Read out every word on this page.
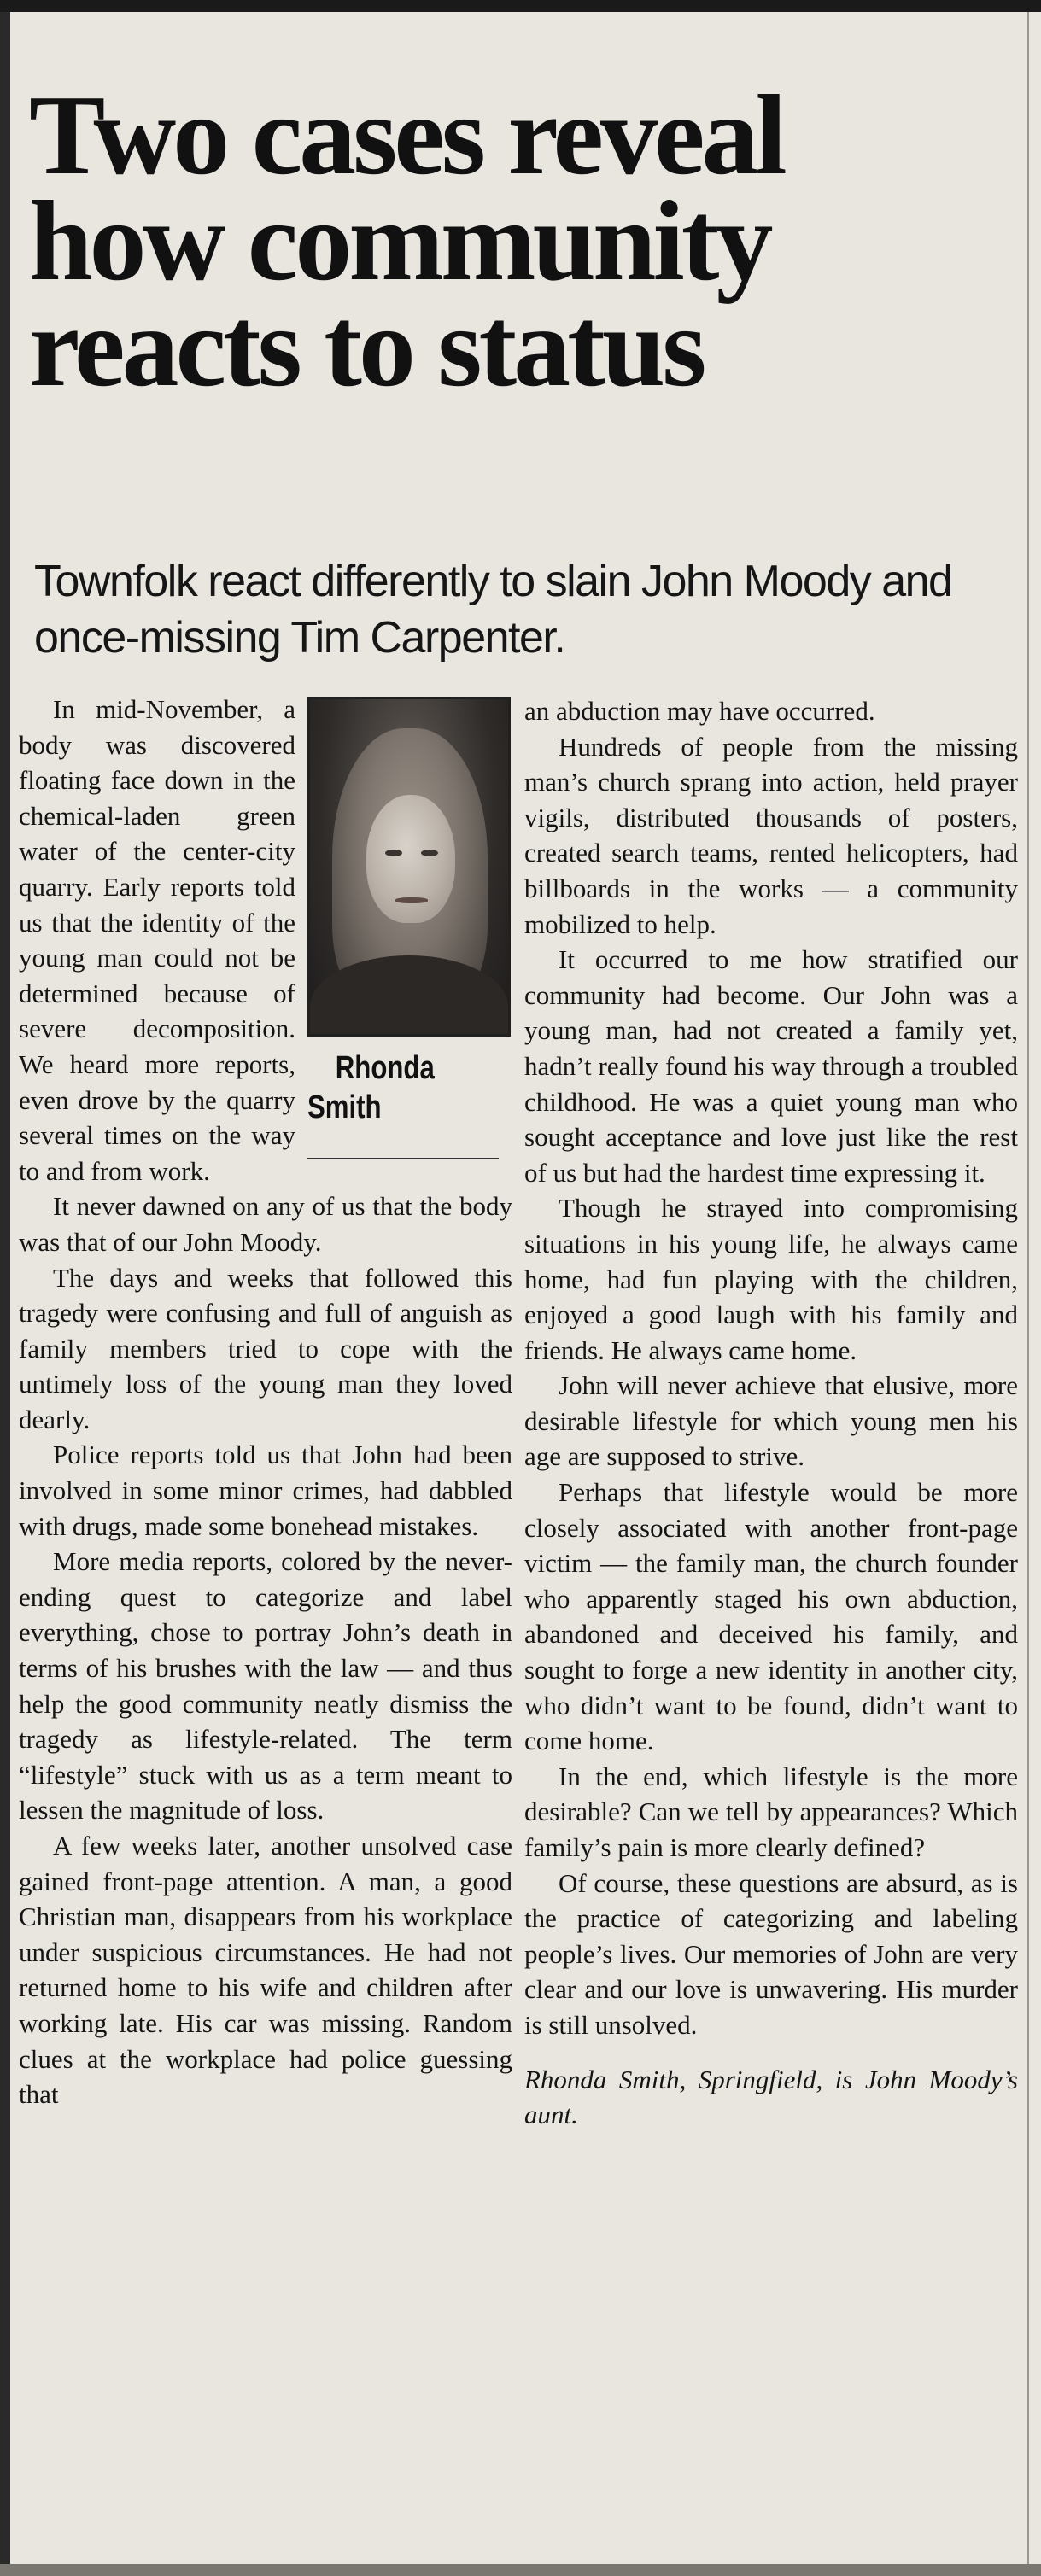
Two cases reveal
how community
reacts to status
Townfolk react differently to slain John Moody and once-missing Tim Carpenter.

Rhonda
Smith
In mid-November, a body was discovered floating face down in the chemical-laden green water of the center-city quarry. Early reports told us that the identity of the young man could not be determined because of severe decomposition. We heard more reports, even drove by the quarry several times on the way to and from work.

It never dawned on any of us that the body was that of our John Moody.

The days and weeks that followed this tragedy were confusing and full of anguish as family members tried to cope with the untimely loss of the young man they loved dearly.

Police reports told us that John had been involved in some minor crimes, had dabbled with drugs, made some bonehead mistakes.

More media reports, colored by the never-ending quest to categorize and label everything, chose to portray John’s death in terms of his brushes with the law — and thus help the good community neatly dismiss the tragedy as lifestyle-related. The term “lifestyle” stuck with us as a term meant to lessen the magnitude of loss.

A few weeks later, another unsolved case gained front-page attention. A man, a good Christian man, disappears from his workplace under suspicious circumstances. He had not returned home to his wife and children after working late. His car was missing. Random clues at the workplace had police guessing that

an abduction may have occurred.

Hundreds of people from the missing man’s church sprang into action, held prayer vigils, distributed thousands of posters, created search teams, rented helicopters, had billboards in the works — a community mobilized to help.

It occurred to me how stratified our community had become. Our John was a young man, had not created a family yet, hadn’t really found his way through a troubled childhood. He was a quiet young man who sought acceptance and love just like the rest of us but had the hardest time expressing it.

Though he strayed into compromising situations in his young life, he always came home, had fun playing with the children, enjoyed a good laugh with his family and friends. He always came home.

John will never achieve that elusive, more desirable lifestyle for which young men his age are supposed to strive.

Perhaps that lifestyle would be more closely associated with another front-page victim — the family man, the church founder who apparently staged his own abduction, abandoned and deceived his family, and sought to forge a new identity in another city, who didn’t want to be found, didn’t want to come home.

In the end, which lifestyle is the more desirable? Can we tell by appearances? Which family’s pain is more clearly defined?

Of course, these questions are absurd, as is the practice of categorizing and labeling people’s lives. Our memories of John are very clear and our love is unwavering. His murder is still unsolved.

Rhonda Smith, Springfield, is John Moody’s aunt.
